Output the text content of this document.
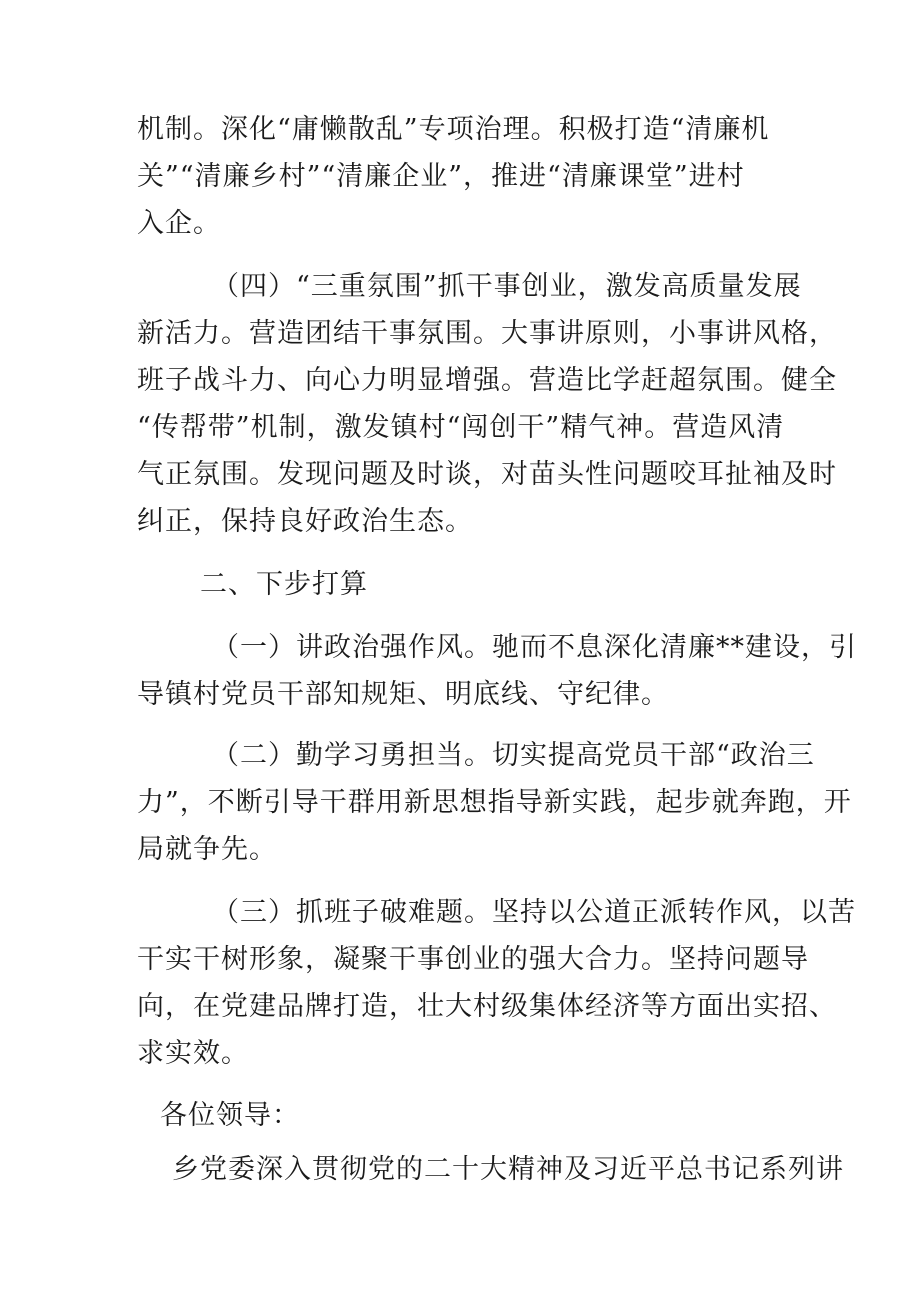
机制。深化“庸懒散乱”专项治理。积极打造“清廉机
关”“清廉乡村”“清廉企业”，推进“清廉课堂”进村
入企。
（四）“三重氛围”抓干事创业，激发高质量发展
新活力。营造团结干事氛围。大事讲原则，小事讲风格，
班子战斗力、向心力明显增强。营造比学赶超氛围。健全
“传帮带”机制，激发镇村“闯创干”精气神。营造风清
气正氛围。发现问题及时谈，对苗头性问题咬耳扯袖及时
纠正，保持良好政治生态。
二、下步打算
（一）讲政治强作风。驰而不息深化清廉**建设，引
导镇村党员干部知规矩、明底线、守纪律。
（二）勤学习勇担当。切实提高党员干部“政治三
力”，不断引导干群用新思想指导新实践，起步就奔跑，开
局就争先。
（三）抓班子破难题。坚持以公道正派转作风，以苦
干实干树形象，凝聚干事创业的强大合力。坚持问题导
向，在党建品牌打造，壮大村级集体经济等方面出实招、
求实效。
各位领导：
乡党委深入贯彻党的二十大精神及习近平总书记系列讲
